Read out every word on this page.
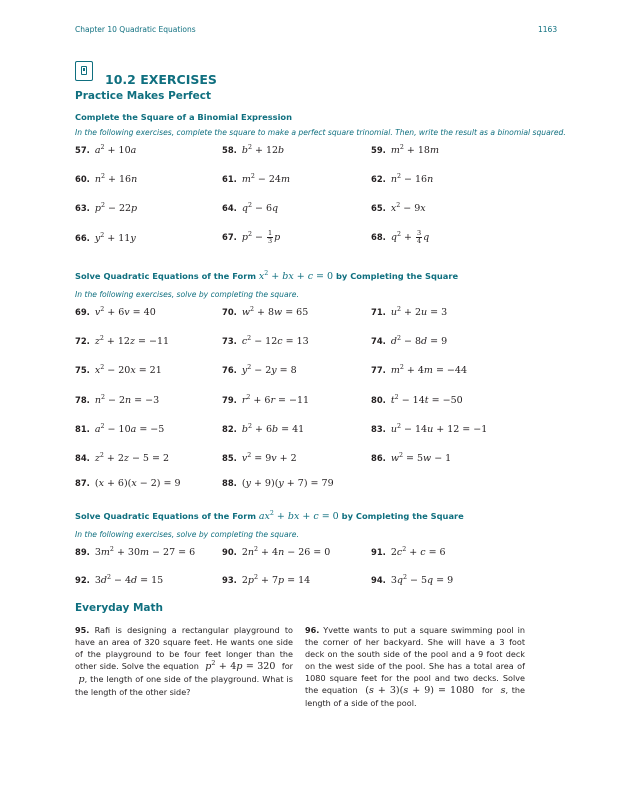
Chapter 10 Quadratic Equations	1163
10.2 EXERCISES
Practice Makes Perfect
Complete the Square of a Binomial Expression
In the following exercises, complete the square to make a perfect square trinomial. Then, write the result as a binomial squared.
57. $a^2 + 10a$	58. $b^2 + 12b$	59. $m^2 + 18m$
60. $n^2 + 16n$	61. $m^2 - 24m$	62. $n^2 - 16n$
63. $p^2 - 22p$	64. $q^2 - 6q$	65. $x^2 - 9x$
66. $y^2 + 11y$	67. $p^2 - \frac{1}{3}$ p	68. $q^2 + \frac{3}{4}$ q
Solve Quadratic Equations of the Form $x^2$ + bx + c = 0 by Completing the Square
In the following exercises, solve by completing the square.
69. $v^2 + 6v = 40$	70. $w^2 + 8w = 65$	71. $u^2 + 2u = 3$
72. $z^2 + 12z = -11$	73. $c^2 - 12c = 13$	74. $d^2 - 8d = 9$
75. $x^2 - 20x = 21$	76. $y^2 - 2y = 8$	77. $m^2 + 4m = -44$
78. $n^2 - 2n = -3$	79. $r^2 + 6r = -11$	80. $t^2 - 14t = -50$
81. $a^2 - 10a = -5$	82. $b^2 + 6b = 41$	83. $u^2 - 14u + 12 = -1$
84. $z^2 + 2z - 5 = 2$	85. $v^2 = 9v + 2$	86. $w^2 = 5w - 1$
87. (x + 6)(x − 2) = 9	88. (y + 9)(y + 7) = 79
Solve Quadratic Equations of the Form $ax^2$ + bx + c = 0 by Completing the Square
In the following exercises, solve by completing the square.
89. $3m^2 + 30m - 27 = 6$	90. $2n^2 + 4n - 26 = 0$	91. $2c^2 + c = 6$
92. $3d^2 - 4d = 15$	93. $2p^2 + 7p = 14$	94. $3q^2 - 5q = 9$
Everyday Math
95. Rafi is designing a rectangular playground to have an area of 320 square feet. He wants one side of the playground to be four feet longer than the other side. Solve the equation $p^2 + 4p = 320$  for  p, the length of one side of the playground. What is the length of the other side?
96. Yvette wants to put a square swimming pool in the corner of her backyard. She will have a 3 foot deck on the south side of the pool and a 9 foot deck on the west side of the pool. She has a total area of 1080 square feet for the pool and two decks. Solve the equation  (s + 3)(s + 9) = 1080  for s, the length of a side of the pool.
